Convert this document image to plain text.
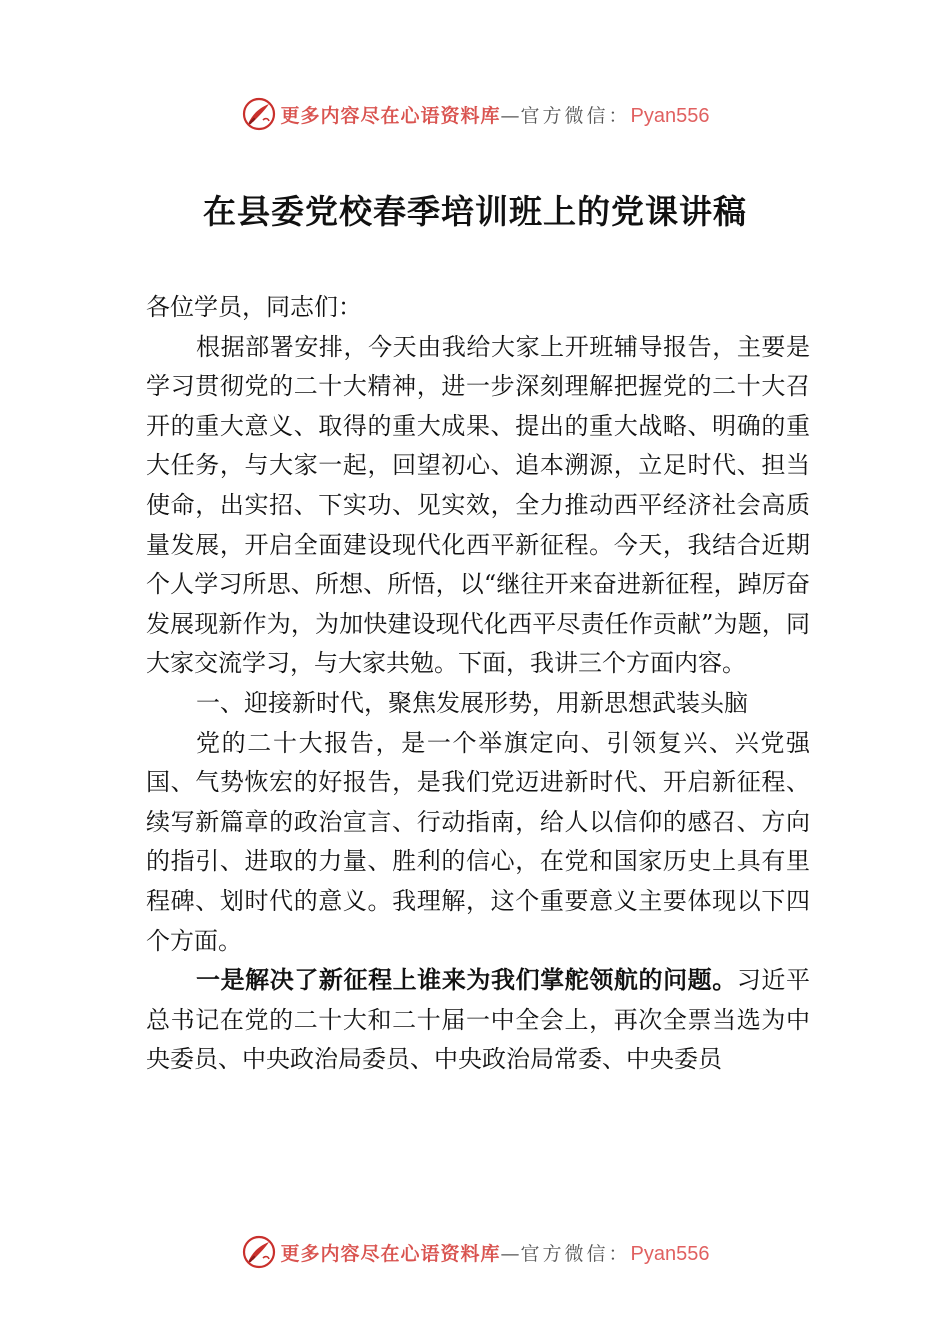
更多内容尽在心语资料库—官方微信：Pyan556
在县委党校春季培训班上的党课讲稿

各位学员，同志们：

根据部署安排，今天由我给大家上开班辅导报告，主要是学习贯彻党的二十大精神，进一步深刻理解把握党的二十大召开的重大意义、取得的重大成果、提出的重大战略、明确的重大任务，与大家一起，回望初心、追本溯源，立足时代、担当使命，出实招、下实功、见实效，全力推动西平经济社会高质量发展，开启全面建设现代化西平新征程。今天，我结合近期个人学习所思、所想、所悟，以“继往开来奋进新征程，踔厉奋发展现新作为，为加快建设现代化西平尽责任作贡献”为题，同大家交流学习，与大家共勉。下面，我讲三个方面内容。

一、迎接新时代，聚焦发展形势，用新思想武装头脑

党的二十大报告，是一个举旗定向、引领复兴、兴党强国、气势恢宏的好报告，是我们党迈进新时代、开启新征程、续写新篇章的政治宣言、行动指南，给人以信仰的感召、方向的指引、进取的力量、胜利的信心，在党和国家历史上具有里程碑、划时代的意义。我理解，这个重要意义主要体现以下四个方面。

一是解决了新征程上谁来为我们掌舵领航的问题。习近平总书记在党的二十大和二十届一中全会上，再次全票当选为中央委员、中央政治局委员、中央政治局常委、中央委员

更多内容尽在心语资料库—官方微信：Pyan556
